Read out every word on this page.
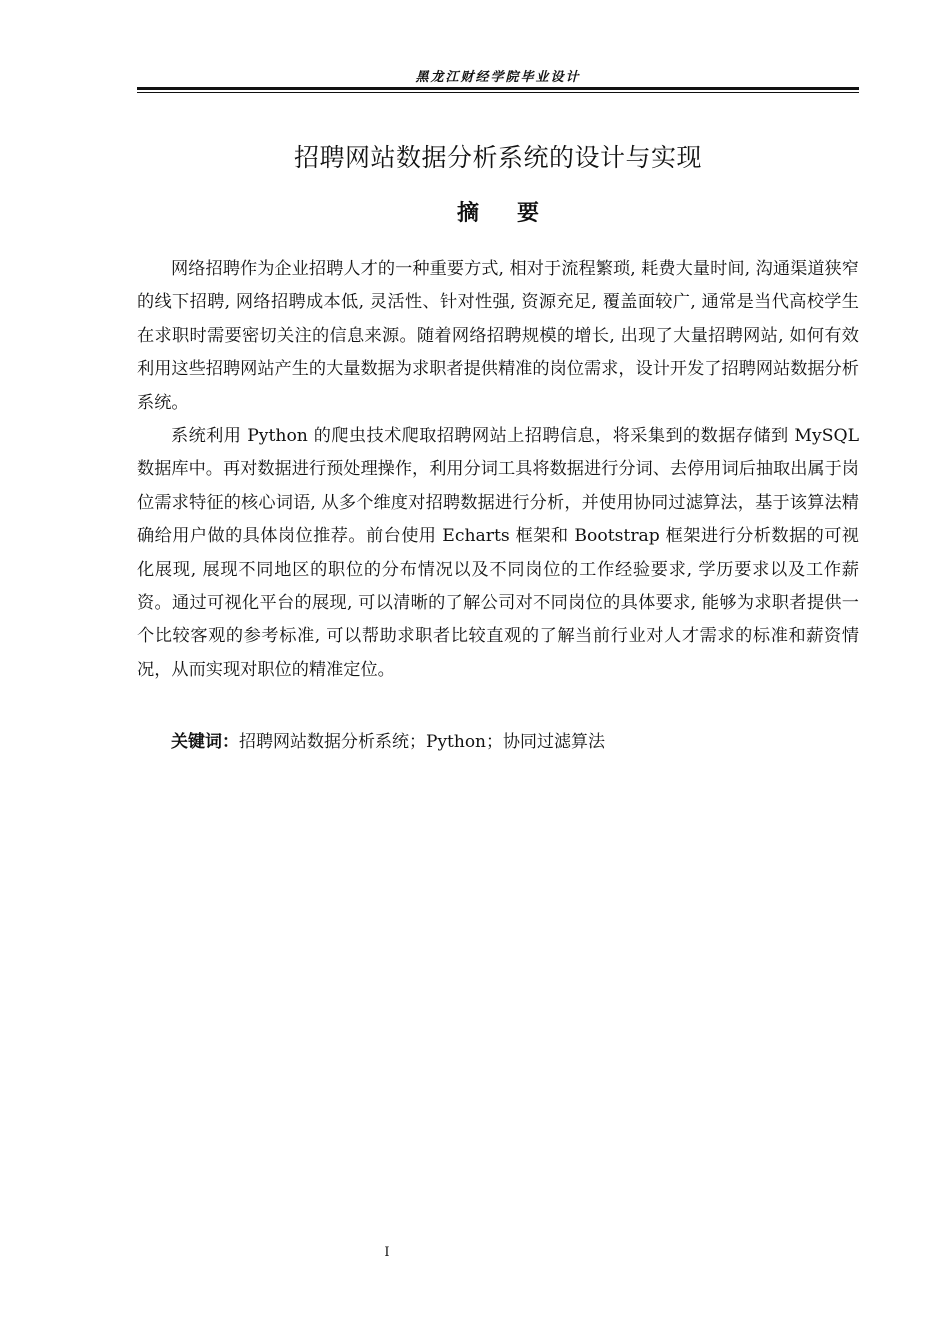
黑龙江财经学院毕业设计
招聘网站数据分析系统的设计与实现
摘要

网络招聘作为企业招聘人才的一种重要方式, 相对于流程繁琐, 耗费大量时间, 沟通渠道狭窄的线下招聘, 网络招聘成本低, 灵活性、针对性强, 资源充足, 覆盖面较广, 通常是当代高校学生在求职时需要密切关注的信息来源。随着网络招聘规模的增长, 出现了大量招聘网站, 如何有效利用这些招聘网站产生的大量数据为求职者提供精准的岗位需求，设计开发了招聘网站数据分析系统。

系统利用 Python 的爬虫技术爬取招聘网站上招聘信息，将采集到的数据存储到 MySQL 数据库中。再对数据进行预处理操作，利用分词工具将数据进行分词、去停用词后抽取出属于岗位需求特征的核心词语, 从多个维度对招聘数据进行分析，并使用协同过滤算法，基于该算法精确给用户做的具体岗位推荐。前台使用 Echarts 框架和 Bootstrap 框架进行分析数据的可视化展现, 展现不同地区的职位的分布情况以及不同岗位的工作经验要求, 学历要求以及工作薪资。通过可视化平台的展现, 可以清晰的了解公司对不同岗位的具体要求, 能够为求职者提供一个比较客观的参考标准, 可以帮助求职者比较直观的了解当前行业对人才需求的标准和薪资情况，从而实现对职位的精准定位。

关键词：招聘网站数据分析系统；Python；协同过滤算法
I
